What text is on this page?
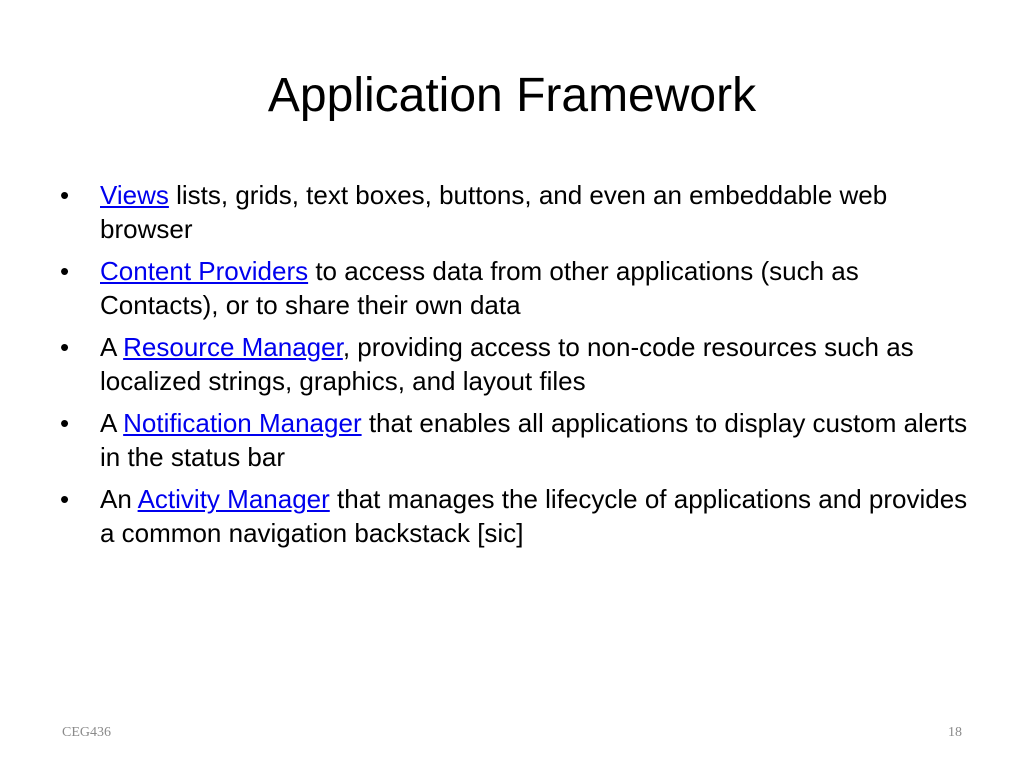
Application Framework
•	Views lists, grids, text boxes, buttons, and even an embeddable web browser
•	Content Providers to access data from other applications (such as Contacts), or to share their own data
•	A Resource Manager, providing access to non-code resources such as localized strings, graphics, and layout files
•	A Notification Manager that enables all applications to display custom alerts in the status bar
•	An Activity Manager that manages the lifecycle of applications and provides a common navigation backstack [sic]
CEG436	18
